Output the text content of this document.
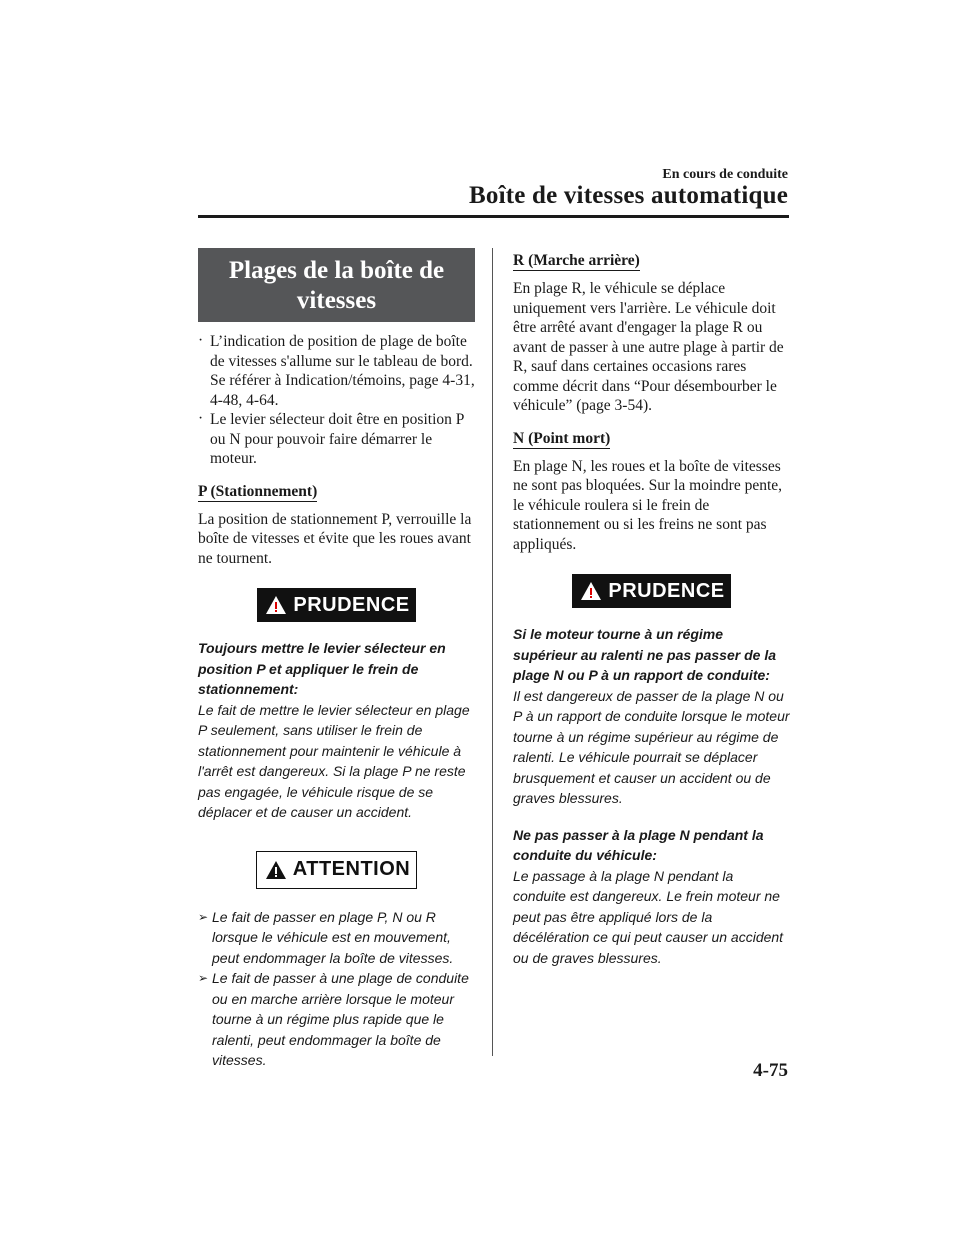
En cours de conduite
Boîte de vitesses automatique
Plages de la boîte de vitesses
· L’indication de position de plage de boîte de vitesses s'allume sur le tableau de bord. Se référer à Indication/témoins, page 4-31, 4-48, 4-64.
· Le levier sélecteur doit être en position P ou N pour pouvoir faire démarrer le moteur.
P (Stationnement)

La position de stationnement P, verrouille la boîte de vitesses et évite que les roues avant ne tournent.

PRUDENCE

Toujours mettre le levier sélecteur en position P et appliquer le frein de stationnement:

Le fait de mettre le levier sélecteur en plage P seulement, sans utiliser le frein de stationnement pour maintenir le véhicule à l'arrêt est dangereux. Si la plage P ne reste pas engagée, le véhicule risque de se déplacer et de causer un accident.

ATTENTION
➢ Le fait de passer en plage P, N ou R lorsque le véhicule est en mouvement, peut endommager la boîte de vitesses.
➢ Le fait de passer à une plage de conduite ou en marche arrière lorsque le moteur tourne à un régime plus rapide que le ralenti, peut endommager la boîte de vitesses.
R (Marche arrière)

En plage R, le véhicule se déplace uniquement vers l'arrière. Le véhicule doit être arrêté avant d'engager la plage R ou avant de passer à une autre plage à partir de R, sauf dans certaines occasions rares comme décrit dans “Pour désembourber le véhicule” (page 3-54).

N (Point mort)

En plage N, les roues et la boîte de vitesses ne sont pas bloquées. Sur la moindre pente, le véhicule roulera si le frein de stationnement ou si les freins ne sont pas appliqués.

PRUDENCE

Si le moteur tourne à un régime supérieur au ralenti ne pas passer de la plage N ou P à un rapport de conduite:

Il est dangereux de passer de la plage N ou P à un rapport de conduite lorsque le moteur tourne à un régime supérieur au régime de ralenti. Le véhicule pourrait se déplacer brusquement et causer un accident ou de graves blessures.

Ne pas passer à la plage N pendant la conduite du véhicule:

Le passage à la plage N pendant la conduite est dangereux. Le frein moteur ne peut pas être appliqué lors de la décélération ce qui peut causer un accident ou de graves blessures.

4-75
